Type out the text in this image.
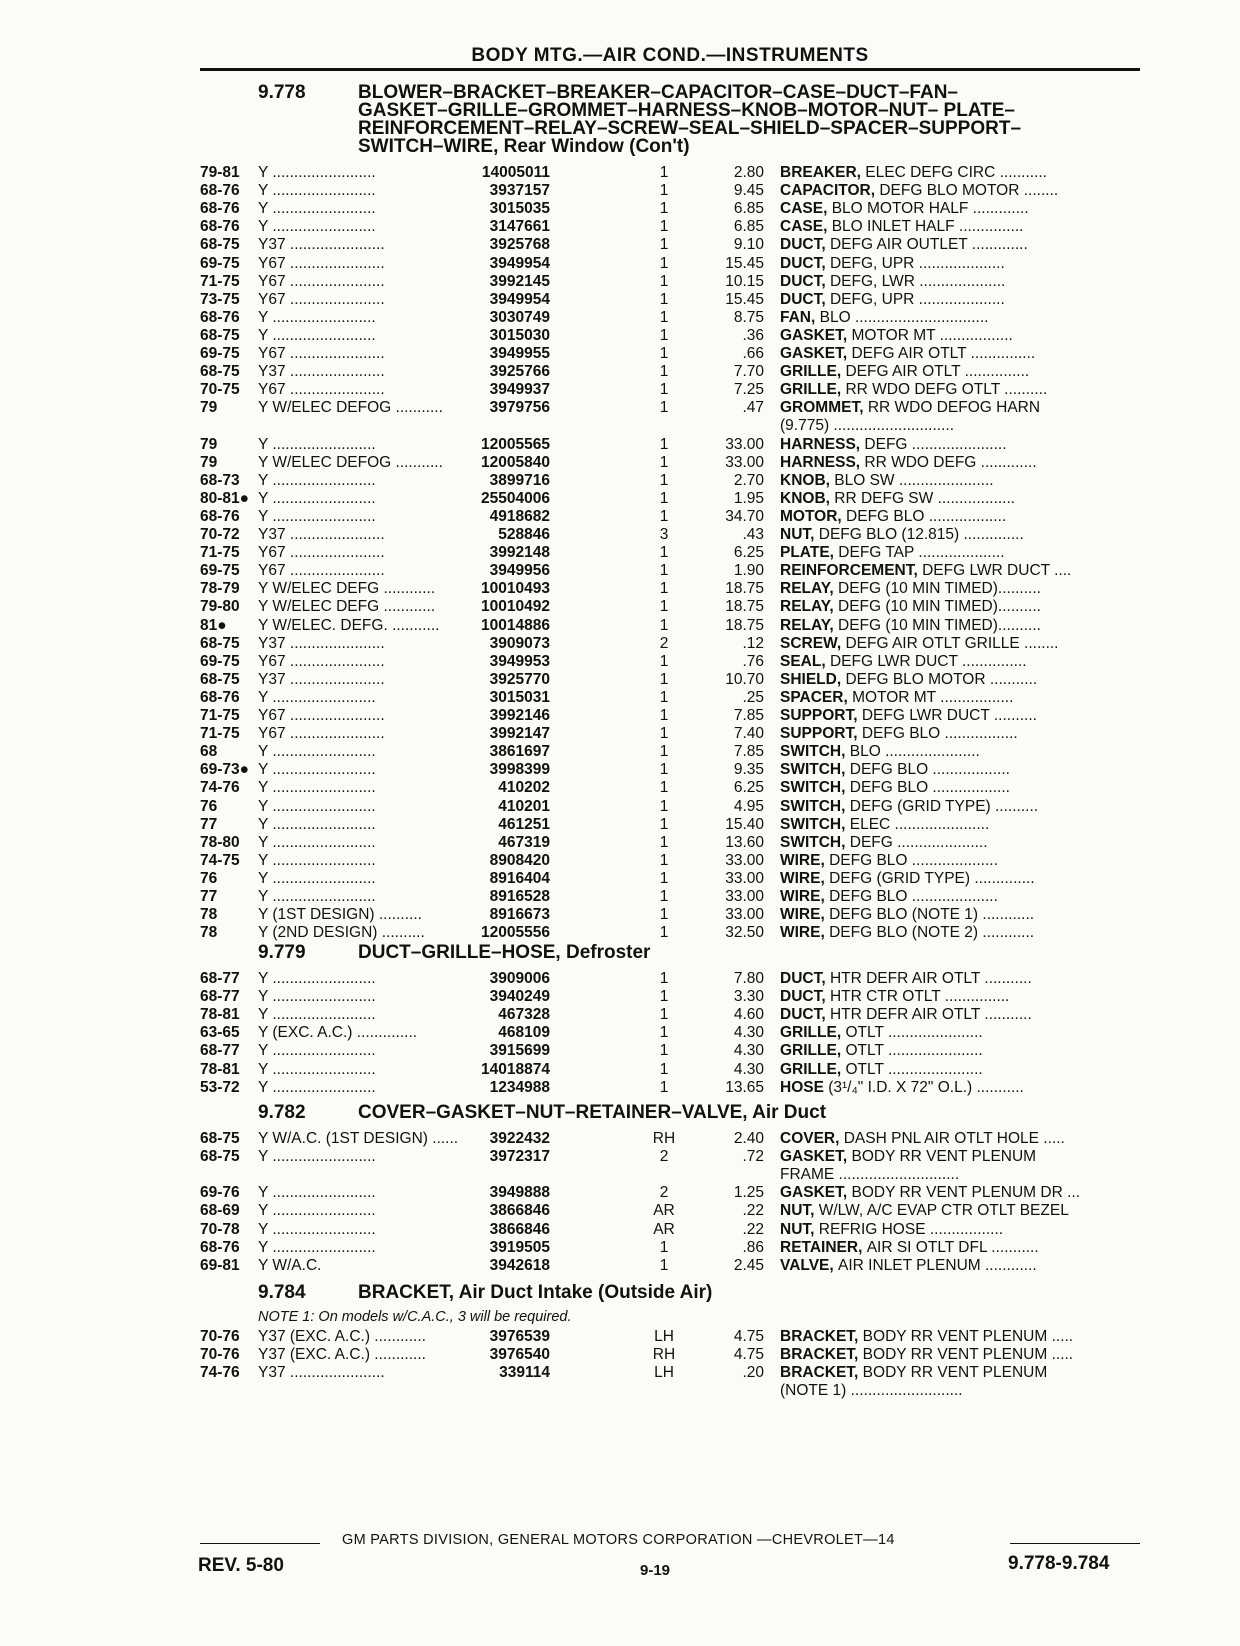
BODY MTG.—AIR COND.—INSTRUMENTS
9.778	BLOWER–BRACKET–BREAKER–CAPACITOR–CASE–DUCT–FAN–
GASKET–GRILLE–GROMMET–HARNESS–KNOB–MOTOR–NUT– PLATE–
REINFORCEMENT–RELAY–SCREW–SEAL–SHIELD–SPACER–SUPPORT–
SWITCH–WIRE, Rear Window (Con't)
79-81 Y ........................	14005011	1	2.80 BREAKER, ELEC DEFG CIRC ...........
68-76 Y ........................	3937157	1	9.45 CAPACITOR, DEFG BLO MOTOR ........
68-76 Y ........................	3015035	1	6.85 CASE, BLO MOTOR HALF .............
68-76 Y ........................	3147661	1	6.85 CASE, BLO INLET HALF ...............
68-75 Y37 ......................	3925768	1	9.10 DUCT, DEFG AIR OUTLET .............
69-75 Y67 ......................	3949954	1	15.45 DUCT, DEFG, UPR ....................
71-75 Y67 ......................	3992145	1	10.15 DUCT, DEFG, LWR ....................
73-75 Y67 ......................	3949954	1	15.45 DUCT, DEFG, UPR ....................
68-76 Y ........................	3030749	1	8.75 FAN, BLO ...............................
68-75 Y ........................	3015030	1	.36 GASKET, MOTOR MT .................
69-75 Y67 ......................	3949955	1	.66 GASKET, DEFG AIR OTLT ...............
68-75 Y37 ......................	3925766	1	7.70 GRILLE, DEFG AIR OTLT ...............
70-75 Y67 ......................	3949937	1	7.25 GRILLE, RR WDO DEFG OTLT ..........
79	Y W/ELEC DEFOG ...........	3979756	1	.47 GROMMET, RR WDO DEFOG HARN
(9.775) ............................
79	Y ........................	12005565	1	33.00 HARNESS, DEFG ......................
79	Y W/ELEC DEFOG ...........	12005840	1	33.00 HARNESS, RR WDO DEFG .............
68-73 Y ........................	3899716	1	2.70 KNOB, BLO SW ......................
80-81● Y ........................	25504006	1	1.95 KNOB, RR DEFG SW ..................
68-76 Y ........................	4918682	1	34.70 MOTOR, DEFG BLO ..................
70-72 Y37 ......................	528846	3	.43 NUT, DEFG BLO (12.815) ..............
71-75 Y67 ......................	3992148	1	6.25 PLATE, DEFG TAP ....................
69-75 Y67 ......................	3949956	1	1.90 REINFORCEMENT, DEFG LWR DUCT ....
78-79 Y W/ELEC DEFG ............	10010493	1	18.75 RELAY, DEFG (10 MIN TIMED)..........
79-80 Y W/ELEC DEFG ............	10010492	1	18.75 RELAY, DEFG (10 MIN TIMED)..........
81● Y W/ELEC. DEFG. ...........	10014886	1	18.75 RELAY, DEFG (10 MIN TIMED)..........
68-75 Y37 ......................	3909073	2	.12 SCREW, DEFG AIR OTLT GRILLE ........
69-75 Y67 ......................	3949953	1	.76 SEAL, DEFG LWR DUCT ...............
68-75 Y37 ......................	3925770	1	10.70 SHIELD, DEFG BLO MOTOR ...........
68-76 Y ........................	3015031	1	.25 SPACER, MOTOR MT .................
71-75 Y67 ......................	3992146	1	7.85 SUPPORT, DEFG LWR DUCT ..........
71-75 Y67 ......................	3992147	1	7.40 SUPPORT, DEFG BLO .................
68	Y ........................	3861697	1	7.85 SWITCH, BLO ......................
69-73● Y ........................	3998399	1	9.35 SWITCH, DEFG BLO ..................
74-76 Y ........................	410202	1	6.25 SWITCH, DEFG BLO ..................
76	Y ........................	410201	1	4.95 SWITCH, DEFG (GRID TYPE) ..........
77	Y ........................	461251	1	15.40 SWITCH, ELEC ......................
78-80 Y ........................	467319	1	13.60 SWITCH, DEFG .....................
74-75 Y ........................	8908420	1	33.00 WIRE, DEFG BLO ....................
76	Y ........................	8916404	1	33.00 WIRE, DEFG (GRID TYPE) ..............
77	Y ........................	8916528	1	33.00 WIRE, DEFG BLO ....................
78	Y (1ST DESIGN) ..........	8916673	1	33.00 WIRE, DEFG BLO (NOTE 1) ............
78	Y (2ND DESIGN) ..........	12005556	1	32.50 WIRE, DEFG BLO (NOTE 2) ............
9.779	DUCT–GRILLE–HOSE, Defroster
68-77 Y ........................	3909006	1	7.80 DUCT, HTR DEFR AIR OTLT ...........
68-77 Y ........................	3940249	1	3.30 DUCT, HTR CTR OTLT ...............
78-81 Y ........................	467328	1	4.60 DUCT, HTR DEFR AIR OTLT ...........
63-65 Y (EXC. A.C.) ..............	468109	1	4.30 GRILLE, OTLT ......................
68-77 Y ........................	3915699	1	4.30 GRILLE, OTLT ......................
78-81 Y ........................	14018874	1	4.30 GRILLE, OTLT ......................
53-72 Y ........................	1234988	1	13.65 HOSE (3¹/₄" I.D. X 72" O.L.) ...........
9.782	COVER–GASKET–NUT–RETAINER–VALVE, Air Duct
68-75 Y W/A.C. (1ST DESIGN) ......	3922432	RH	2.40 COVER, DASH PNL AIR OTLT HOLE .....
68-75 Y ........................	3972317	2	.72 GASKET, BODY RR VENT PLENUM
FRAME ............................
69-76 Y ........................	3949888	2	1.25 GASKET, BODY RR VENT PLENUM DR ...
68-69 Y ........................	3866846	AR	.22 NUT, W/LW, A/C EVAP CTR OTLT BEZEL
70-78 Y ........................	3866846	AR	.22 NUT, REFRIG HOSE .................
68-76 Y ........................	3919505	1	.86 RETAINER, AIR SI OTLT DFL ...........
69-81 Y W/A.C.	3942618	1	2.45 VALVE, AIR INLET PLENUM ............
9.784	BRACKET, Air Duct Intake (Outside Air)
NOTE 1: On models w/C.A.C., 3 will be required.
70-76 Y37 (EXC. A.C.) ............	3976539	LH	4.75 BRACKET, BODY RR VENT PLENUM .....
70-76 Y37 (EXC. A.C.) ............	3976540	RH	4.75 BRACKET, BODY RR VENT PLENUM .....
74-76 Y37 ......................	339114	LH	.20 BRACKET, BODY RR VENT PLENUM
(NOTE 1) ..........................
GM PARTS DIVISION, GENERAL MOTORS CORPORATION —CHEVROLET—14
REV. 5-80	9-19	9.778-9.784
